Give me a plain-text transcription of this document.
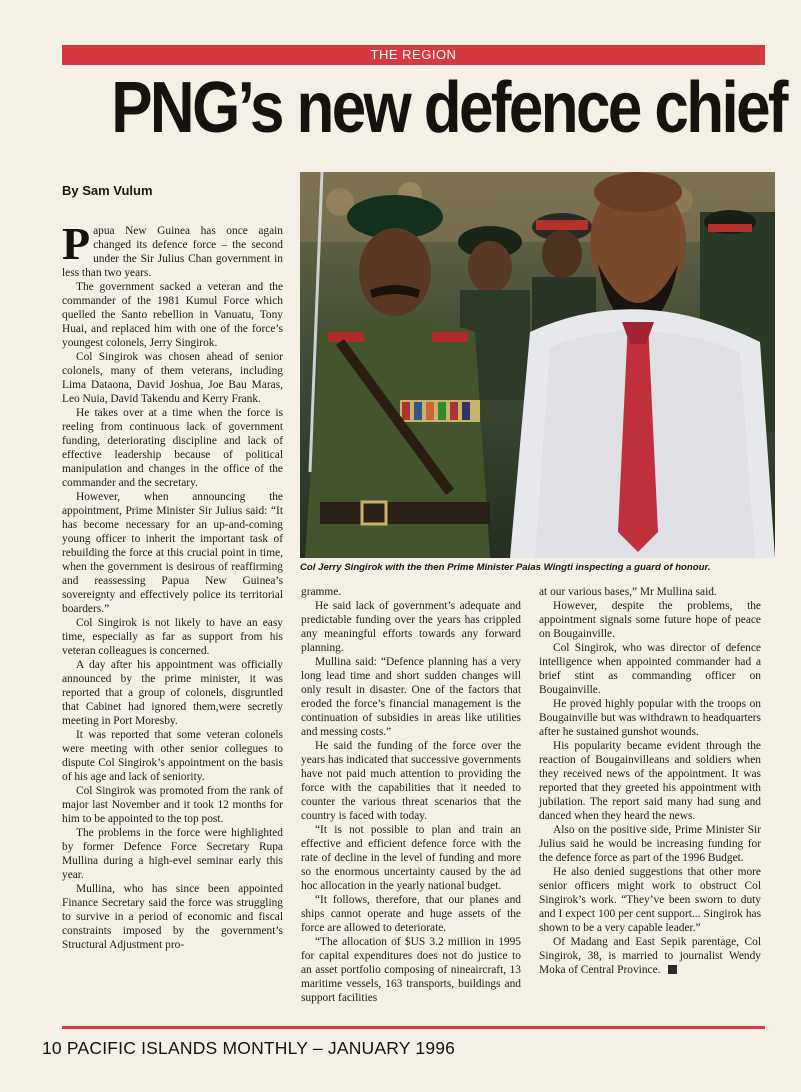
THE REGION
PNG’s new defence chief
By Sam Vulum

Papua New Guinea has once again changed its defence force – the second under the Sir Julius Chan government in less than two years.

The government sacked a veteran and the commander of the 1981 Kumul Force which quelled the Santo rebellion in Vanuatu, Tony Huai, and replaced him with one of the force’s youngest colonels, Jerry Singirok.

Col Singirok was chosen ahead of senior colonels, many of them veterans, including Lima Dataona, David Joshua, Joe Bau Maras, Leo Nuia, David Takendu and Kerry Frank.

He takes over at a time when the force is reeling from continuous lack of government funding, deteriorating discipline and lack of effective leadership because of political manipulation and changes in the office of the commander and the secretary.

However, when announcing the appointment, Prime Minister Sir Julius said: “It has become necessary for an up-and-coming young officer to inherit the important task of rebuilding the force at this crucial point in time, when the government is desirous of reaffirming and reassessing Papua New Guinea’s sovereignty and effectively police its territorial boarders.”

Col Singirok is not likely to have an easy time, especially as far as support from his veteran colleagues is concerned.

A day after his appointment was officially announced by the prime minister, it was reported that a group of colonels, disgruntled that Cabinet had ignored them,were secretly meeting in Port Moresby.

It was reported that some veteran colonels were meeting with other senior collegues to dispute Col Singirok’s appointment on the basis of his age and lack of seniority.

Col Singirok was promoted from the rank of major last November and it took 12 months for him to be appointed to the top post.

The problems in the force were highlighted by former Defence Force Secretary Rupa Mullina during a high-evel seminar early this year.

Mullina, who has since been appointed Finance Secretary said the force was struggling to survive in a period of economic and fiscal constraints imposed by the government’s Structural Adjustment pro-

Col Jerry Singirok with the then Prime Minister Paias Wingti inspecting a guard of honour.

gramme.

He said lack of government’s adequate and predictable funding over the years has crippled any meaningful efforts towards any forward planning.

Mullina said: “Defence planning has a very long lead time and short sudden changes will only result in disaster. One of the factors that eroded the force’s financial management is the continuation of subsidies in areas like utilities and messing costs.”

He said the funding of the force over the years has indicated that successive governments have not paid much attention to providing the force with the capabilities that it needed to counter the various threat scenarios that the country is faced with today.

“It is not possible to plan and train an effective and efficient defence force with the rate of decline in the level of funding and more so the enormous uncertainty caused by the ad hoc allocation in the yearly national budget.

“It follows, therefore, that our planes and ships cannot operate and huge assets of the force are allowed to deteriorate.

“The allocation of $US 3.2 million in 1995 for capital expenditures does not do justice to an asset portfolio composing of nineaircraft, 13 maritime vessels, 163 transports, buildings and support facilities

at our various bases,” Mr Mullina said.

However, despite the problems, the appointment signals some future hope of peace on Bougainville.

Col Singirok, who was director of defence intelligence when appointed commander had a brief stint as commanding officer on Bougainville.

He proved highly popular with the troops on Bougainville but was withdrawn to headquarters after he sustained gunshot wounds.

His popularity became evident through the reaction of Bougainvilleans and soldiers when they received news of the appointment. It was reported that they greeted his appointment with jubilation. The report said many had sung and danced when they heard the news.

Also on the positive side, Prime Minister Sir Julius said he would be increasing funding for the defence force as part of the 1996 Budget.

He also denied suggestions that other more senior officers might work to obstruct Col Singirok’s work. “They’ve been sworn to duty and I expect 100 per cent support... Singirok has shown to be a very capable leader.”

Of Madang and East Sepik parentage, Col Singirok, 38, is married to journalist Wendy Moka of Central Province.

10 PACIFIC ISLANDS MONTHLY – JANUARY 1996
